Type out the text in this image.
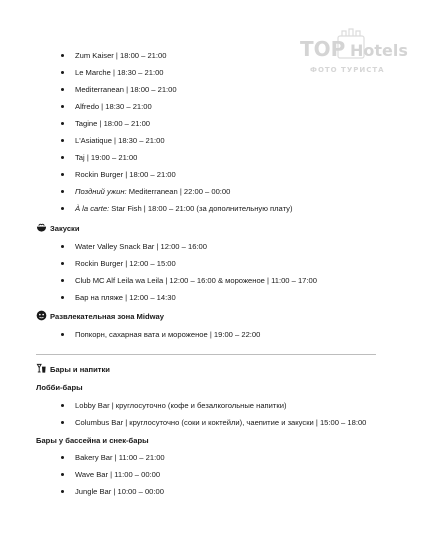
TOP Hotels
ФОТО ТУРИСТА
Zum Kaiser | 18:00 – 21:00
Le Marche | 18:30 – 21:00
Mediterranean | 18:00 – 21:00
Alfredo | 18:30 – 21:00
Tagine | 18:00 – 21:00
L'Asiatique | 18:30 – 21:00
Taj | 19:00 – 21:00
Rockin Burger | 18:00 – 21:00
Поздний ужин: Mediterranean | 22:00 – 00:00
À la carte: Star Fish | 18:00 – 21:00 (за дополнительную плату)
Закуски
Water Valley Snack Bar | 12:00 – 16:00
Rockin Burger | 12:00 – 15:00
Club MC Alf Leila wa Leila | 12:00 – 16:00 & мороженое | 11:00 – 17:00
Бар на пляже | 12:00 – 14:30
Развлекательная зона Midway
Попкорн, сахарная вата и мороженое | 19:00 – 22:00
Бары и напитки
Лобби-бары
Lobby Bar | круглосуточно (кофе и безалкогольные напитки)
Columbus Bar | круглосуточно (соки и коктейли), чаепитие и закуски | 15:00 – 18:00
Бары у бассейна и снек-бары
Bakery Bar | 11:00 – 21:00
Wave Bar | 11:00 – 00:00
Jungle Bar | 10:00 – 00:00
